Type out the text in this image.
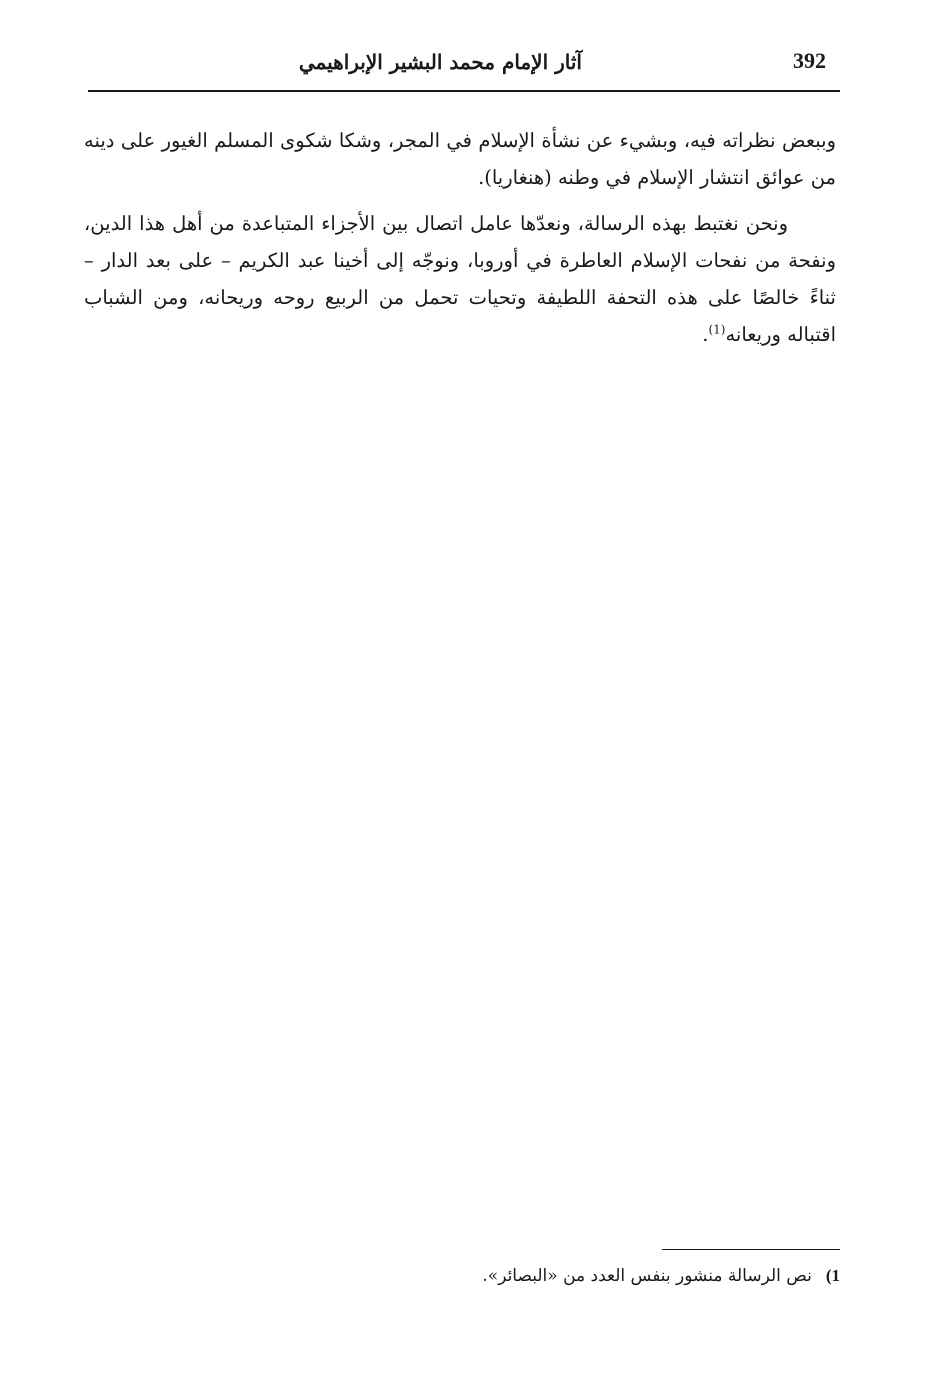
392
آثار الإمام محمد البشير الإبراهيمي

وببعض نظراته فيه، وبشيء عن نشأة الإسلام في المجر، وشكا شكوى المسلم الغيور على دينه من عوائق انتشار الإسلام في وطنه (هنغاريا).

ونحن نغتبط بهذه الرسالة، ونعدّها عامل اتصال بين الأجزاء المتباعدة من أهل هذا الدين، ونفحة من نفحات الإسلام العاطرة في أوروبا، ونوجّه إلى أخينا عبد الكريم – على بعد الدار – ثناءً خالصًا على هذه التحفة اللطيفة وتحيات تحمل من الربيع روحه وريحانه، ومن الشباب اقتباله وريعانه$^{(1)}$.

1)نص الرسالة منشور بنفس العدد من «البصائر».
